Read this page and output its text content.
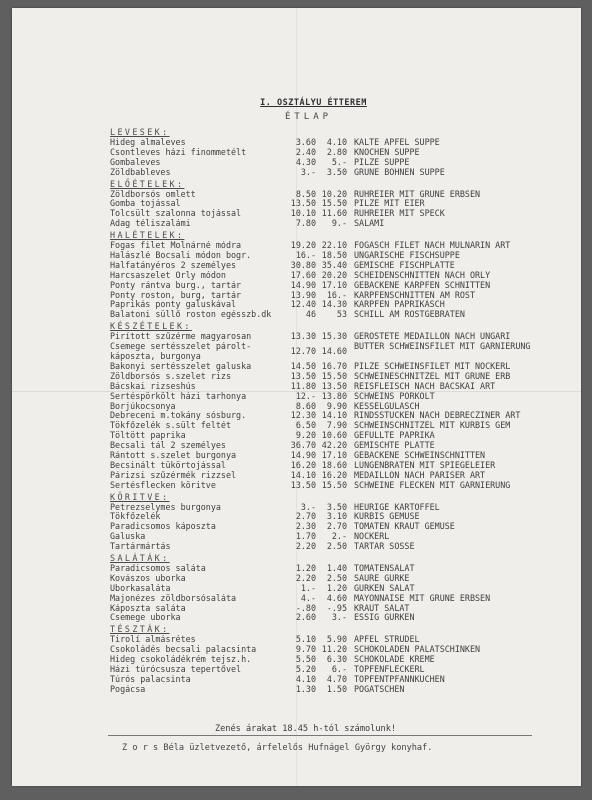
I. OSZTÁLYU ÉTTEREM
ÉTLAP
LEVESEK:
Hideg almaleves	3.60	4.10 KALTE APFEL SUPPE
Csontleves házi finommetélt	2.40	2.80 KNOCHEN SUPPE
Gombaleves	4.30	5.- PILZE SUPPE
Zöldbableves	3.-	3.50 GRÜNE BOHNEN SUPPE
ELŐÉTELEK:
Zöldborsós omlett	8.50 10.20 RÜHREIER MIT GRÜNE ERBSEN
Gomba tojással	13.50 15.50 PILZE MIT EIER
Tolcsült szalonna tojással	10.10 11.60 RÜHREIER MIT SPECK
Adag téliszalámi	7.80	9.- SALAMI
HALÉTELEK:
Fogas filet Molnárné módra	19.20 22.10 FOGASCH FILET NACH MÜLNÄRIN ART
Halászlé Bocsali módon bogr.	16.- 18.50 UNGARISCHE FISCHSUPPE
Halfatányéros 2 személyes	30.80 35.40 GEMISCHE FISCHPLATTE
Harcsaszelet Orly módon	17.60 20.20 SCHEIDENSCHNITTEN NACH ORLY
Ponty rántva burg., tartár	14.90 17.10 GEBACKENE KARPFEN SCHNITTEN
Ponty roston, burg, tartár	13.90	16.- KARPFENSCHNITTEN AM ROST
Paprikás ponty galuskával	12.40 14.30 KARPFEN PAPRIKASCH
Balatoni süllő roston egésszb.dk	46	53 SCHILL AM ROSTGEBRATEN
KÉSZÉTELEK:
Pirított szűzérme magyarosan	13.30 15.30 GERÖSTETE MEDAILLON NACH UNGARI
Csemege sertésszelet párolt- káposzta, burgonya	12.70 14.60 BUTTER SCHWEINSFILET MIT GARNIERUNG
Bakonyi sertésszelet galuska	14.50 16.70 PILZE SCHWEINSFILET MIT NOCKERL
Zöldborsós s.szelet rizs	13.50 15.50 SCHWEINESCHNITZEL MIT GRÜNE ERB
Bácskai rizseshús	11.80 13.50 REISFLEISCH NACH BACSKAI ART
Sertéspörkölt házi tarhonya	12.- 13.80 SCHWEINS PÖRKOLT
Borjúkocsonya	8.60	9.90 KESSELGULASCH
Debreceni m.tokány sósburg.	12.30 14.10 RINDSSTÜCKEN NACH DEBRECZINER ART
Tökfőzelék s.sült feltét	6.50	7.90 SCHWEINSCHNITZEL MIT KÜRBIS GEM
Töltött paprika	9.20 10.60 GEFÜLLTE PAPRIKA
Becsali tál 2 személyes	36.70 42.20 GEMISCHTE PLATTE
Rántott s.szelet burgonya	14.90 17.10 GEBACKENE SCHWEINSCHNITTEN
Becsinált tükörtojással	16.20 18.60 LUNGENBRATEN MIT SPIEGELEIER
Párizsi szűzérmék rizzsel	14.10 16.20 MEDAILLON NACH PARISER ART
Sertésflecken köritve	13.50 15.50 SCHWEINE FLECKEN MIT GARNIERUNG
KÖRITVE:
Petrezselymes burgonya	3.-	3.50 HEURIGE KARTOFFEL
Tökfőzelék	2.70	3.10 KÜRBIS GEMÜSE
Paradicsomos káposzta	2.30	2.70 TOMATEN KRAUT GEMÜSE
Galuska	1.70	2.- NOCKERL
Tartármártás	2.20	2.50 TARTAR SOSSE
SALÁTÁK:
Paradicsomos saláta	1.20	1.40 TOMATENSALAT
Kovászos uborka	2.20	2.50 SAURE GURKE
Uborkasaláta	1.-	1.20 GURKEN SALAT
Majonézes zöldborsósaláta	4.-	4.60 MAYONNAISE MIT GRÜNE ERBSEN
Káposzta saláta	-.80	-.95 KRAUT SALAT
Csemege uborka	2.60	3.- ESSIG GURKEN
TÉSZTÁK:
Tirolí almásrétes	5.10	5.90 APFEL STRUDEL
Csokoládés becsali palacsinta	9.70 11.20 SCHOKOLADEN PALATSCHINKEN
Hideg csokoládékrém tejsz.h.	5.50	6.30 SCHOKOLADE KREME
Házi túrócsusza tepertővel	5.20	6.- TOPFENFLECKERL
Túrós palacsinta	4.10	4.70 TOPFENTPFANNKUCHEN
Pogácsa	1.30	1.50 POGATSCHEN
Zenés árakat 18.45 h-tól számolunk!
Z o r s Béla üzletvezető, árfelelős Hufnágel György konyhaf.
